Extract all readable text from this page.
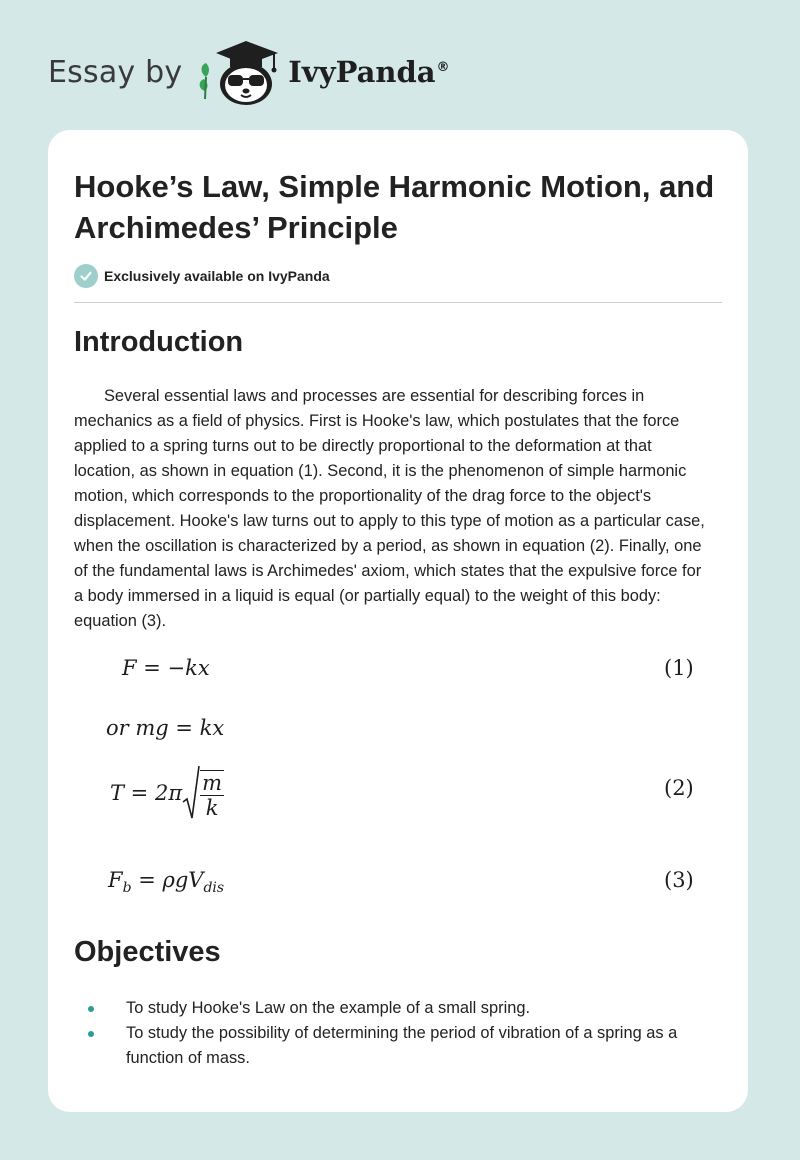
Essay by	IvyPanda®
Hooke’s Law, Simple Harmonic Motion, and Archimedes’ Principle
Exclusively available on IvyPanda
Introduction

Several essential laws and processes are essential for describing forces in mechanics as a field of physics. First is Hooke's law, which postulates that the force applied to a spring turns out to be directly proportional to the deformation at that location, as shown in equation (1). Second, it is the phenomenon of simple harmonic motion, which corresponds to the proportionality of the drag force to the object's displacement. Hooke's law turns out to apply to this type of motion as a particular case, when the oscillation is characterized by a period, as shown in equation (2). Finally, one of the fundamental laws is Archimedes' axiom, which states that the expulsive force for a body immersed in a liquid is equal (or partially equal) to the weight of this body: equation (3).

F = −kx	(1)
or mg = kx
$T = 2\pi \frac{m}{k}$	(2)
$F_b = \rho gV_{dis}$	(3)
Objectives
To study Hooke's Law on the example of a small spring.
To study the possibility of determining the period of vibration of a spring as a function of mass.
